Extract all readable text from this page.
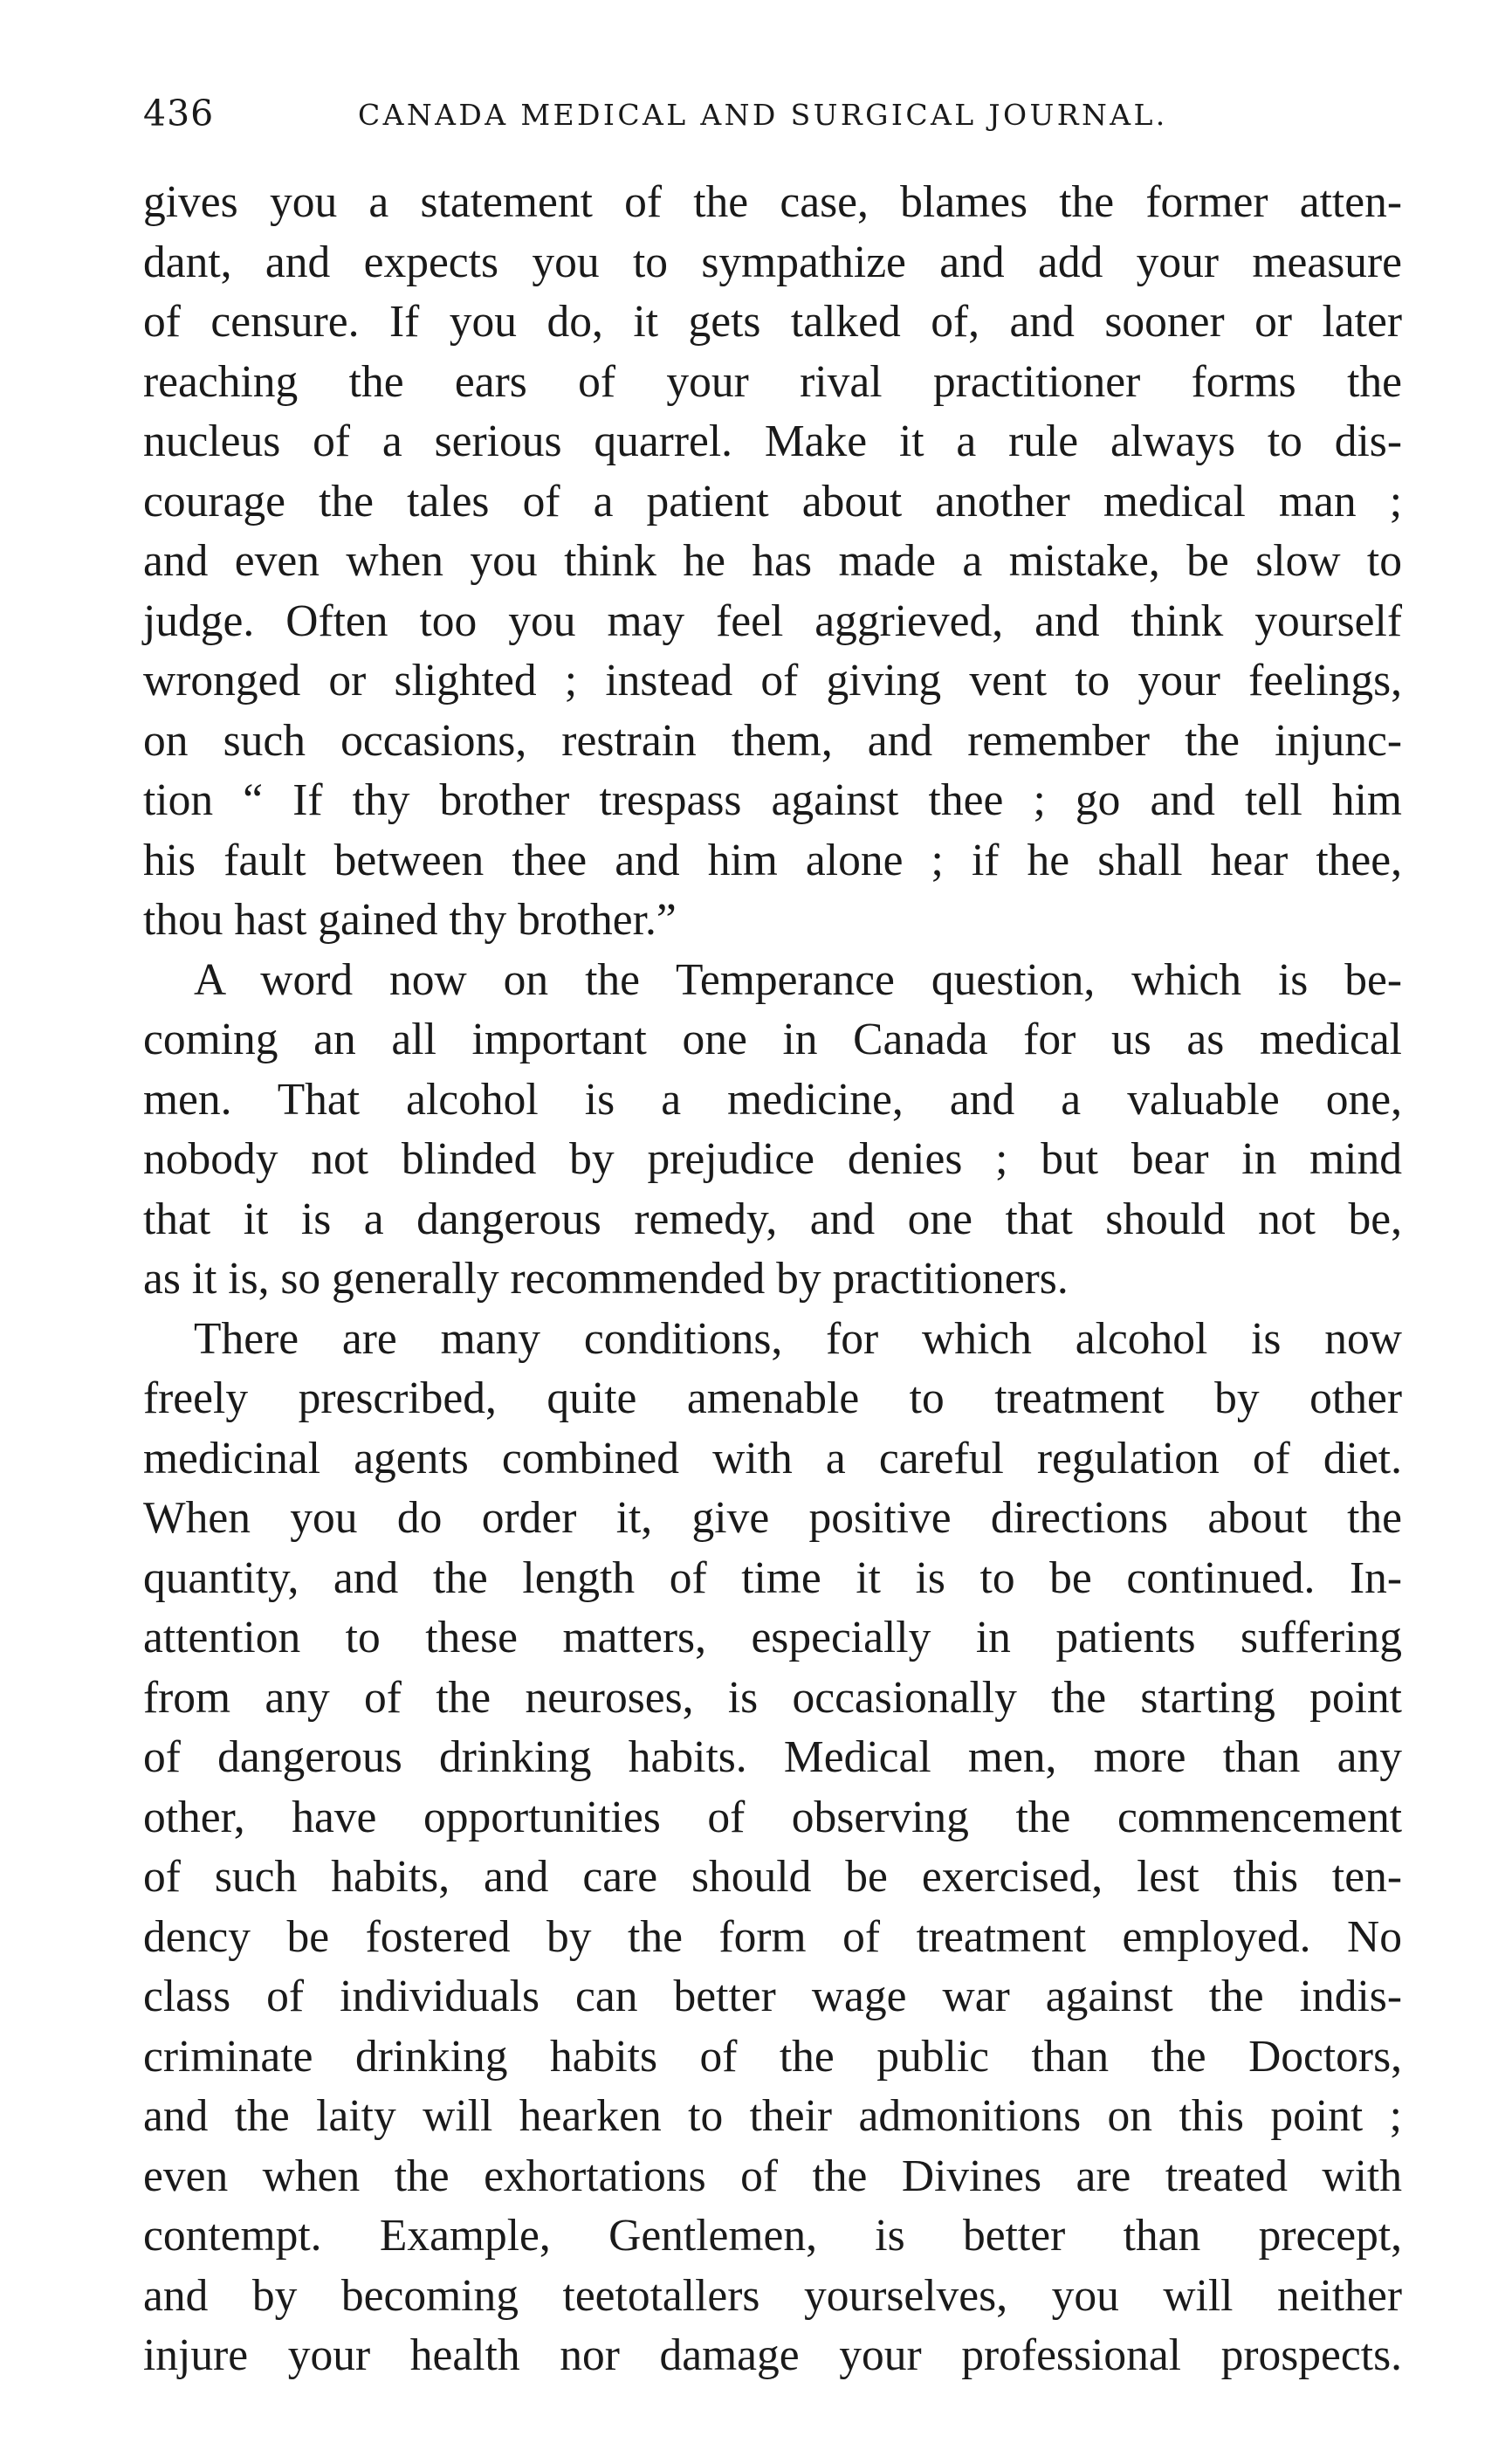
436	CANADA MEDICAL AND SURGICAL JOURNAL.
gives you a statement of the case, blames the former atten-
dant, and expects you to sympathize and add your measure
of censure. If you do, it gets talked of, and sooner or later
reaching the ears of your rival practitioner forms the
nucleus of a serious quarrel. Make it a rule always to dis-
courage the tales of a patient about another medical man ;
and even when you think he has made a mistake, be slow to
judge. Often too you may feel aggrieved, and think yourself
wronged or slighted ; instead of giving vent to your feelings,
on such occasions, restrain them, and remember the injunc-
tion “ If thy brother trespass against thee ; go and tell him
his fault between thee and him alone ; if he shall hear thee,
thou hast gained thy brother.”
A word now on the Temperance question, which is be-
coming an all important one in Canada for us as medical
men. That alcohol is a medicine, and a valuable one,
nobody not blinded by prejudice denies ; but bear in mind
that it is a dangerous remedy, and one that should not be,
as it is, so generally recommended by practitioners.
There are many conditions, for which alcohol is now
freely prescribed, quite amenable to treatment by other
medicinal agents combined with a careful regulation of diet.
When you do order it, give positive directions about the
quantity, and the length of time it is to be continued. In-
attention to these matters, especially in patients suffering
from any of the neuroses, is occasionally the starting point
of dangerous drinking habits. Medical men, more than any
other, have opportunities of observing the commencement
of such habits, and care should be exercised, lest this ten-
dency be fostered by the form of treatment employed. No
class of individuals can better wage war against the indis-
criminate drinking habits of the public than the Doctors,
and the laity will hearken to their admonitions on this point ;
even when the exhortations of the Divines are treated with
contempt. Example, Gentlemen, is better than precept,
and by becoming teetotallers yourselves, you will neither
injure your health nor damage your professional prospects.
